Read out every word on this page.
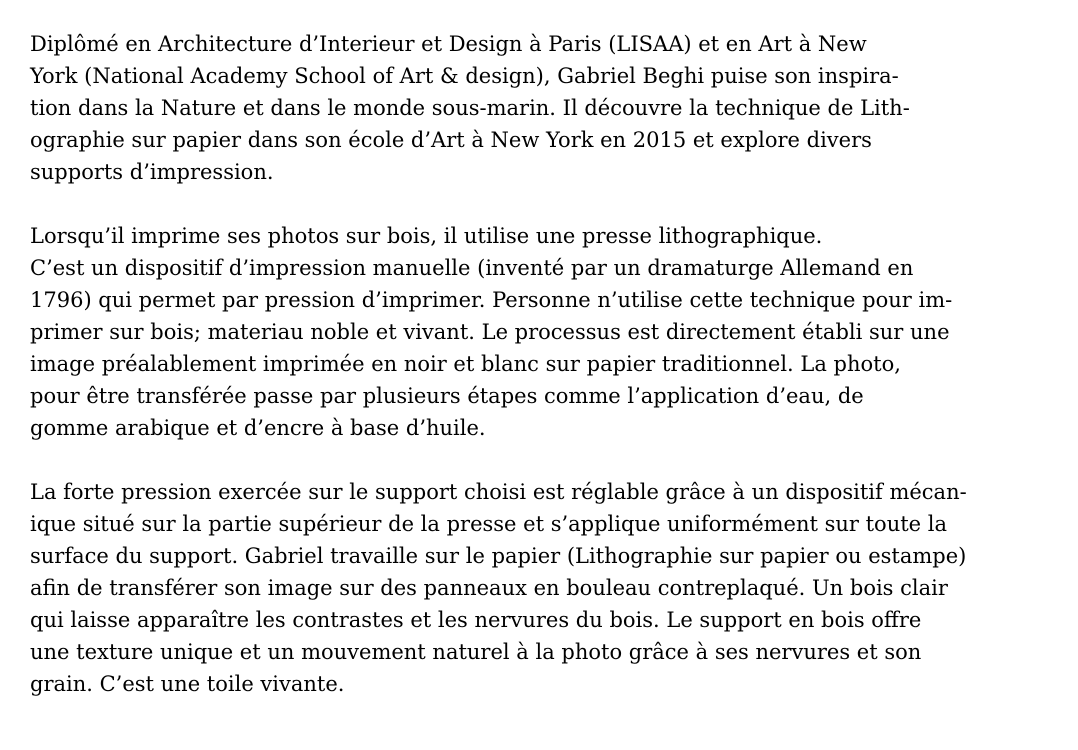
Diplômé en Architecture d’Interieur et Design à Paris (LISAA) et en Art à New
York (National Academy School of Art & design), Gabriel Beghi puise son inspira-
tion dans la Nature et dans le monde sous-marin. Il découvre la technique de Lith-
ographie sur papier dans son école d’Art à New York en 2015 et explore divers
supports d’impression.
Lorsqu’il imprime ses photos sur bois, il utilise une presse lithographique.
C’est un dispositif d’impression manuelle (inventé par un dramaturge Allemand en
1796) qui permet par pression d’imprimer. Personne n’utilise cette technique pour im-
primer sur bois; materiau noble et vivant. Le processus est directement établi sur une
image préalablement imprimée en noir et blanc sur papier traditionnel. La photo,
pour être transférée passe par plusieurs étapes comme l’application d’eau, de
gomme arabique et d’encre à base d’huile.
La forte pression exercée sur le support choisi est réglable grâce à un dispositif mécan-
ique situé sur la partie supérieur de la presse et s’applique uniformément sur toute la
surface du support. Gabriel travaille sur le papier (Lithographie sur papier ou estampe)
afin de transférer son image sur des panneaux en bouleau contreplaqué. Un bois clair
qui laisse apparaître les contrastes et les nervures du bois. Le support en bois offre
une texture unique et un mouvement naturel à la photo grâce à ses nervures et son
grain. C’est une toile vivante.
